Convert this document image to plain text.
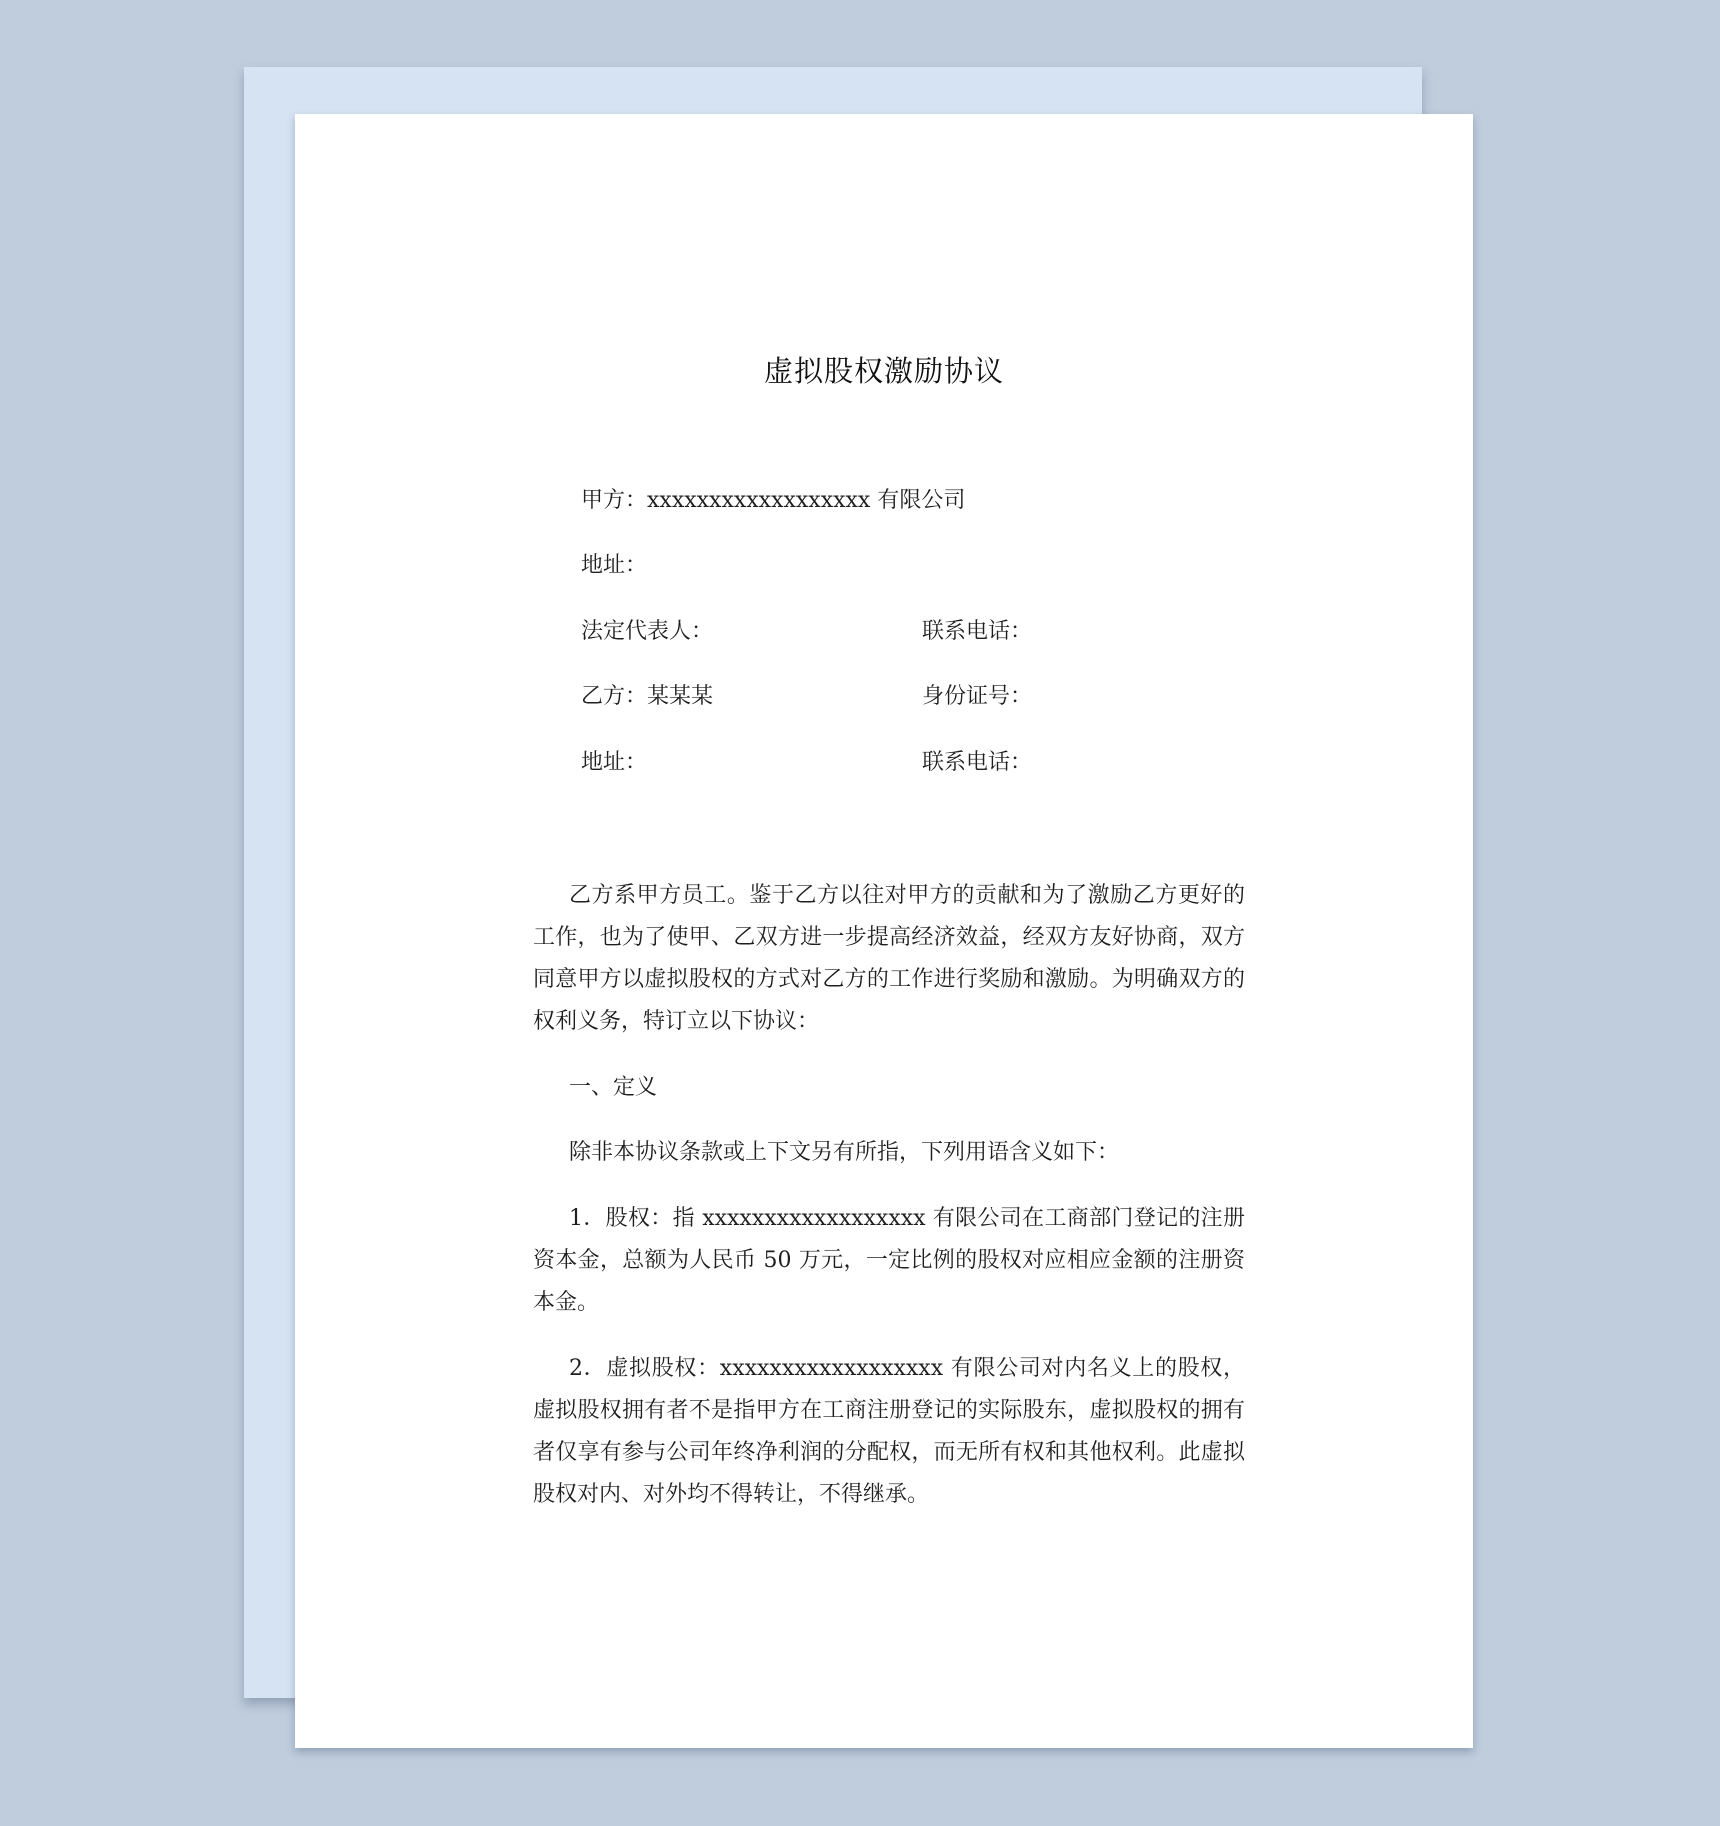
虚拟股权激励协议
甲方：xxxxxxxxxxxxxxxxxx 有限公司
地址：
法定代表人：	联系电话：
乙方：某某某	身份证号：
地址：	联系电话：
乙方系甲方员工。鉴于乙方以往对甲方的贡献和为了激励乙方更好的工作，也为了使甲、乙双方进一步提高经济效益，经双方友好协商，双方同意甲方以虚拟股权的方式对乙方的工作进行奖励和激励。为明确双方的权利义务，特订立以下协议：
一、定义
除非本协议条款或上下文另有所指，下列用语含义如下：
1．股权：指 xxxxxxxxxxxxxxxxxx 有限公司在工商部门登记的注册资本金，总额为人民币 50 万元，一定比例的股权对应相应金额的注册资本金。
2．虚拟股权：xxxxxxxxxxxxxxxxxx 有限公司对内名义上的股权，虚拟股权拥有者不是指甲方在工商注册登记的实际股东，虚拟股权的拥有者仅享有参与公司年终净利润的分配权，而无所有权和其他权利。此虚拟股权对内、对外均不得转让，不得继承。
